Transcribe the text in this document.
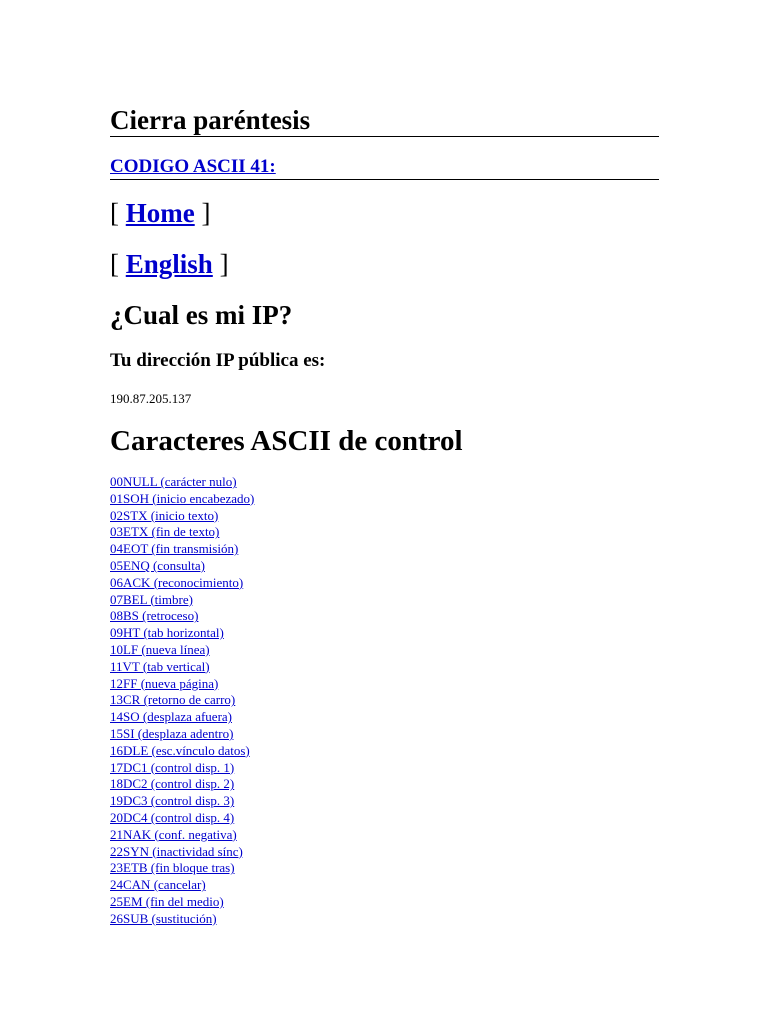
Cierra paréntesis
CODIGO ASCII 41:

[ Home ]

[ English ]

¿Cual es mi IP?
Tu dirección IP pública es:

190.87.205.137

Caracteres ASCII de control
00NULL (carácter nulo)
01SOH (inicio encabezado)
02STX (inicio texto)
03ETX (fin de texto)
04EOT (fin transmisión)
05ENQ (consulta)
06ACK (reconocimiento)
07BEL (timbre)
08BS (retroceso)
09HT (tab horizontal)
10LF (nueva línea)
11VT (tab vertical)
12FF (nueva página)
13CR (retorno de carro)
14SO (desplaza afuera)
15SI (desplaza adentro)
16DLE (esc.vínculo datos)
17DC1 (control disp. 1)
18DC2 (control disp. 2)
19DC3 (control disp. 3)
20DC4 (control disp. 4)
21NAK (conf. negativa)
22SYN (inactividad sínc)
23ETB (fin bloque tras)
24CAN (cancelar)
25EM (fin del medio)
26SUB (sustitución)
